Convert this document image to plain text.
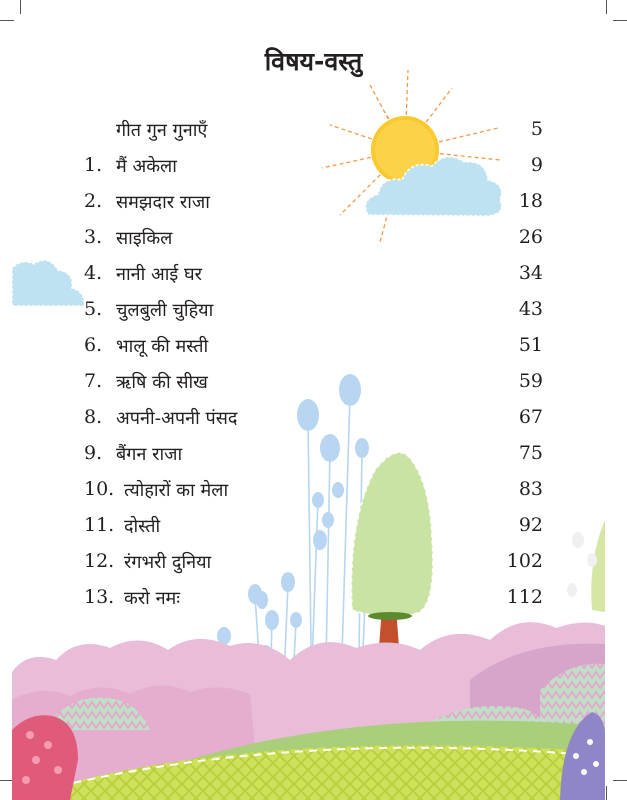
विषय-वस्तु
गीत गुन गुनाएँ	5
1. मैं अकेला	9
2. समझदार राजा	18
3. साइकिल	26
4. नानी आई घर	34
5. चुलबुली चुहिया	43
6. भालू की मस्ती	51
7. ऋषि की सीख	59
8. अपनी-अपनी पंसद	67
9. बैंगन राजा	75
10. त्योहारों का मेला	83
11. दोस्ती	92
12. रंगभरी दुनिया	102
13. करो नमः	112
